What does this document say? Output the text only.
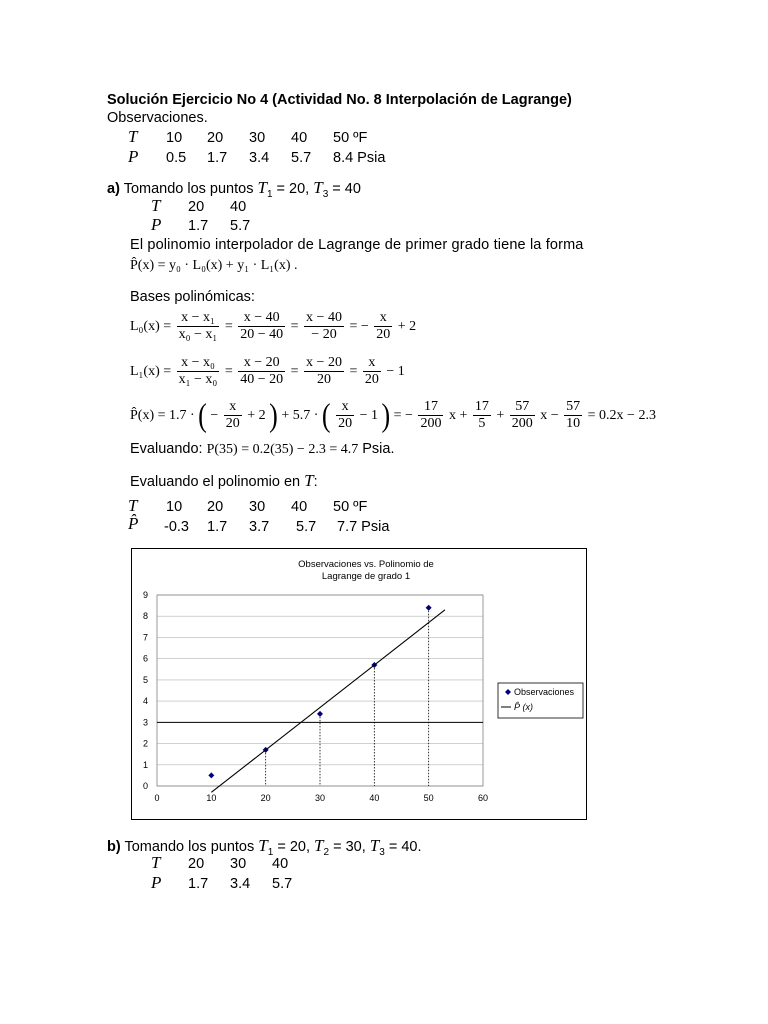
Solución Ejercicio No 4 (Actividad No. 8 Interpolación de Lagrange)
Observaciones.
T 10 20 30 40 50 ºF
P 0.5 1.7 3.4 5.7 8.4 Psia
a) Tomando los puntos $T_1 = 20$, $T_3 = 40$
T 20 40
P 1.7 5.7
El polinomio interpolador de Lagrange de primer grado tiene la forma
P̂(x) = y₀ · L₀(x) + y₁ · L₁(x) .
Bases polinómicas:
$L_0(x) = \frac{\text{x − x₁}}{\text{x₀ − x₁}} = \frac{x - 40}{20 - 40} = \frac{x - 40}{- 20}$ = − $\frac{x}{20} + 2$
$L_1(x) = \frac{\text{x − x₀}}{\text{x₁ − x₀}} = \frac{x - 20}{40 - 20} = \frac{x - 20}{20} = \frac{x}{20} - 1$
P̂(x) = 1.7 · ( − $\frac{x}{20} + 2$ ) + 5.7 · ( $\frac{x}{20} - 1$ ) = − $\frac{17}{200}$ $x + \frac{17}{5} + \frac{57}{200}$ $x - \frac{57}{10} = 0.2x - 2.3$
Evaluando: P(35) = 0.2(35) − 2.3 = 4.7 Psia.
Evaluando el polinomio en T:
T 10 20 30 40 50 ºF
P̂ -0.3 1.7 3.7 5.7 7.7 Psia
Observaciones vs. Polinomio de
Lagrange de grado 1
0
1
2
3
4
5
6
7
8
9
0	10	20	30	40	50	60
Observaciones
P̂ (x)
b) Tomando los puntos $T_1 = 20$, $T_2 = 30$, $T_3 = 40$.
T 20 30 40
P 1.7 3.4 5.7
